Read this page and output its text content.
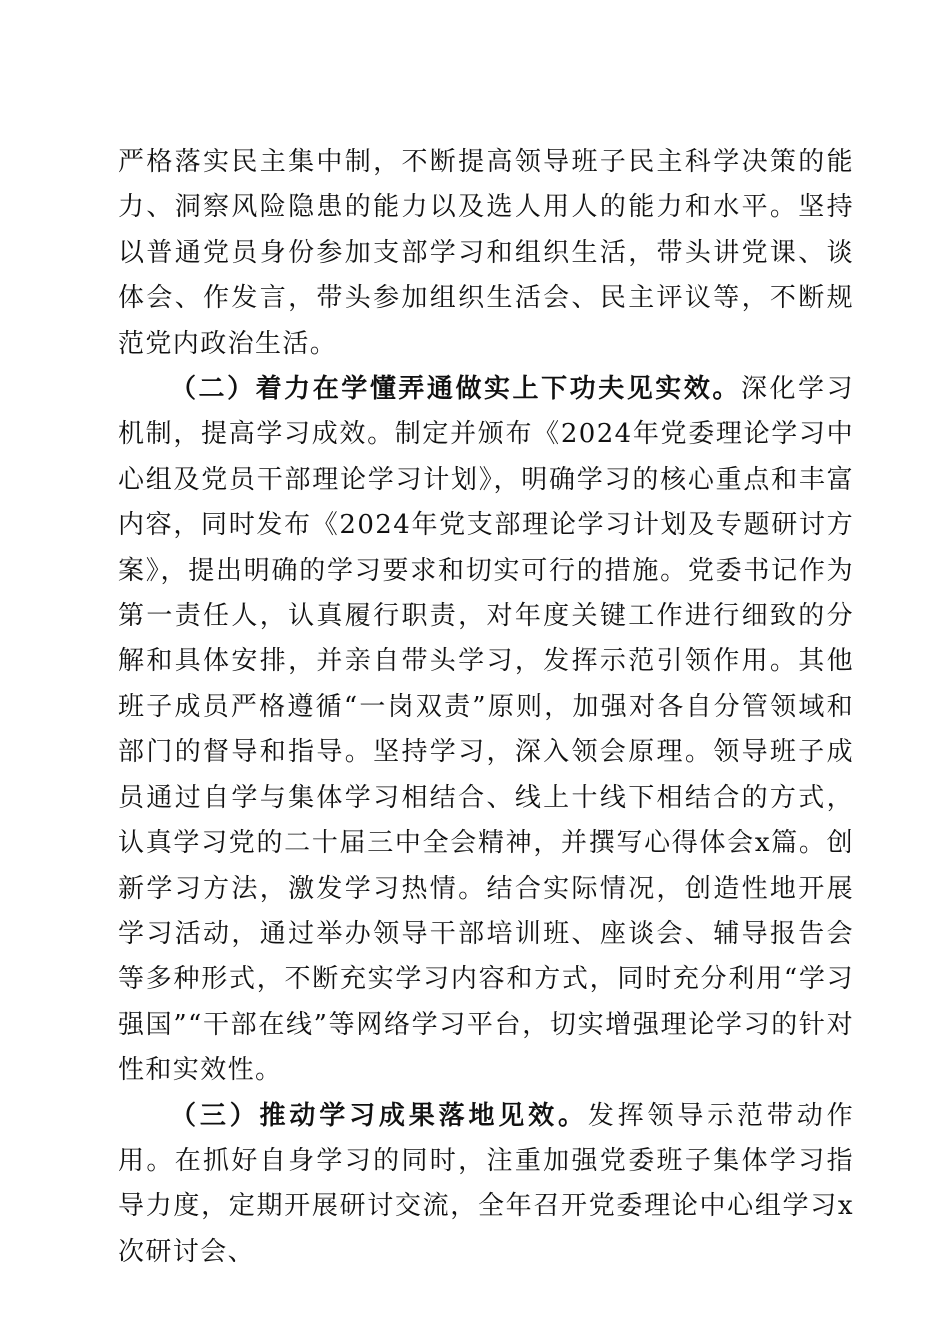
严格落实民主集中制，不断提高领导班子民主科学决策的能力、洞察风险隐患的能力以及选人用人的能力和水平。坚持以普通党员身份参加支部学习和组织生活，带头讲党课、谈体会、作发言，带头参加组织生活会、民主评议等，不断规范党内政治生活。

（二）着力在学懂弄通做实上下功夫见实效。深化学习机制，提高学习成效。制定并颁布《2024年党委理论学习中心组及党员干部理论学习计划》，明确学习的核心重点和丰富内容，同时发布《2024年党支部理论学习计划及专题研讨方案》，提出明确的学习要求和切实可行的措施。党委书记作为第一责任人，认真履行职责，对年度关键工作进行细致的分解和具体安排，并亲自带头学习，发挥示范引领作用。其他班子成员严格遵循“一岗双责”原则，加强对各自分管领域和部门的督导和指导。坚持学习，深入领会原理。领导班子成员通过自学与集体学习相结合、线上十线下相结合的方式，认真学习党的二十届三中全会精神，并撰写心得体会x篇。创新学习方法，激发学习热情。结合实际情况，创造性地开展学习活动，通过举办领导干部培训班、座谈会、辅导报告会等多种形式，不断充实学习内容和方式，同时充分利用“学习强国”“干部在线”等网络学习平台，切实增强理论学习的针对性和实效性。

（三）推动学习成果落地见效。发挥领导示范带动作用。在抓好自身学习的同时，注重加强党委班子集体学习指导力度，定期开展研讨交流，全年召开党委理论中心组学习x次研讨会、
